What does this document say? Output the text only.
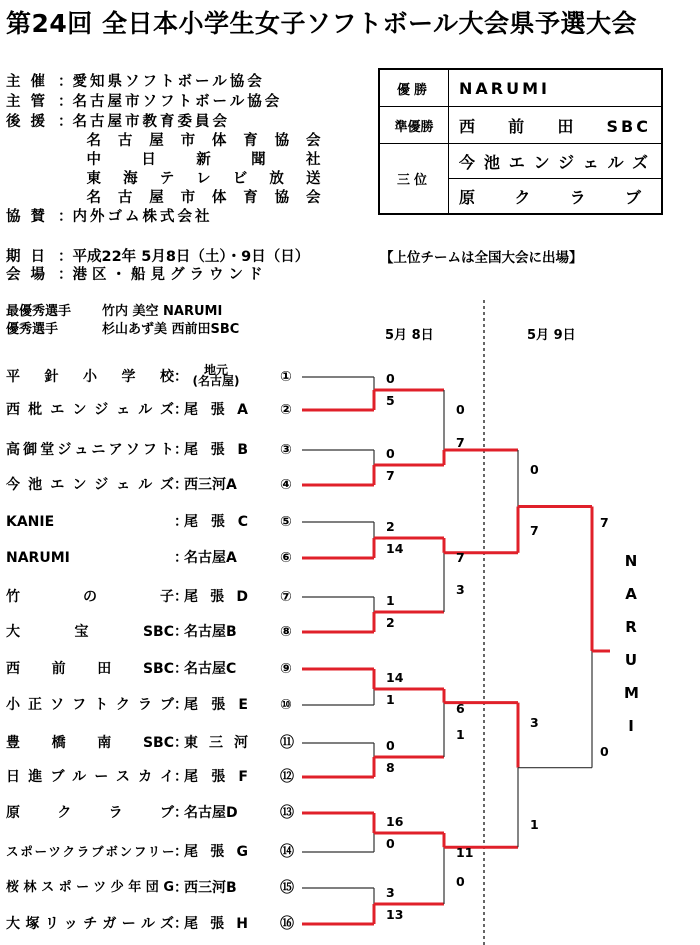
第24回 全日本小学生女子ソフトボール大会県予選大会
主催 ：愛知県ソフトボール協会
主管 ：名古屋市ソフトボール協会
後援 ：名古屋市教育委員会
　名古屋市体育協会
　中日新聞社
　東海テレビ放送
　名古屋市体育協会
協賛 ：内外ゴム株式会社
優勝	NARUMI

準優勝	西前田SBC

三位	今池エンジェルズ

	原クラブ
期日 ：平成22年 5月8日（土）・9日（日）
会場 ：港区・船見グラウンド
【上位チームは全国大会に出場】
最優秀選手 竹内 美空 NARUMI
優秀選手	杉山あず美 西前田SBC	5月 8日	5月 9日
平針小学校： 地元
(名古屋)	①
西枇エンジェルズ：尾張A ②
高御堂ジュニアソフト：尾張B ③
今池エンジェルズ：西三河A	④
KANIE	：尾張C ⑤
NARUMI	：名古屋A	⑥
竹の子：尾張D ⑦
大宝SBC：名古屋B	⑧
西前田SBC：名古屋C	⑨
小正ソフトクラブ：尾張E ⑩
豊橋南SBC：東三河 ⑪
日進ブルースカイ：尾張F ⑫
原クラブ：名古屋D	⑬
スポーツクラブボンフリー：尾張G ⑭
桜林スポーツ少年団G：西三河B	⑮
大塚リッチガールズ：尾張H ⑯
0
5
0
7
2
14
1
2
14
1
0
8
16
0
3
13
0
7
7
3
6
1
11
0
0
7
3
1
7
0
N
A
R
U
M
I
